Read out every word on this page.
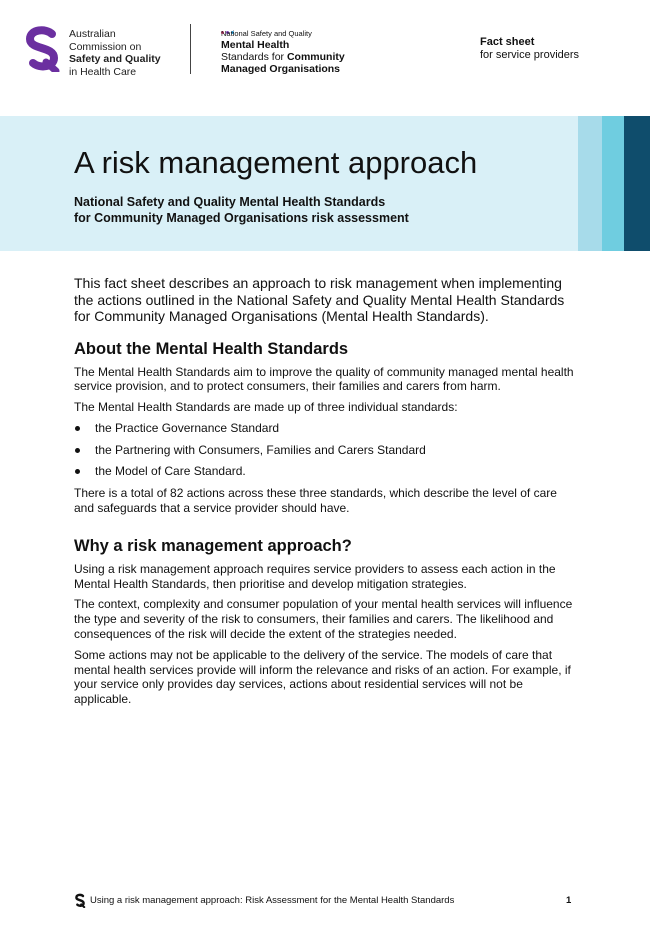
Australian
Commission on
Safety and Quality
in Health Care
National Safety and Quality
Mental Health
Standards for Community
Managed Organisations
Fact sheet
for service providers
A risk management approach
National Safety and Quality Mental Health Standards
for Community Managed Organisations risk assessment

This fact sheet describes an approach to risk management when implementing the actions outlined in the National Safety and Quality Mental Health Standards for Community Managed Organisations (Mental Health Standards).

About the Mental Health Standards

The Mental Health Standards aim to improve the quality of community managed mental health service provision, and to protect consumers, their families and carers from harm.

The Mental Health Standards are made up of three individual standards:

the Practice Governance Standard
the Partnering with Consumers, Families and Carers Standard
the Model of Care Standard.

There is a total of 82 actions across these three standards, which describe the level of care and safeguards that a service provider should have.

Why a risk management approach?

Using a risk management approach requires service providers to assess each action in the Mental Health Standards, then prioritise and develop mitigation strategies.

The context, complexity and consumer population of your mental health services will influence the type and severity of the risk to consumers, their families and carers. The likelihood and consequences of the risk will decide the extent of the strategies needed.

Some actions may not be applicable to the delivery of the service. The models of care that mental health services provide will inform the relevance and risks of an action. For example, if your service only provides day services, actions about residential services will not be applicable.

Using a risk management approach: Risk Assessment for the Mental Health Standards	1
